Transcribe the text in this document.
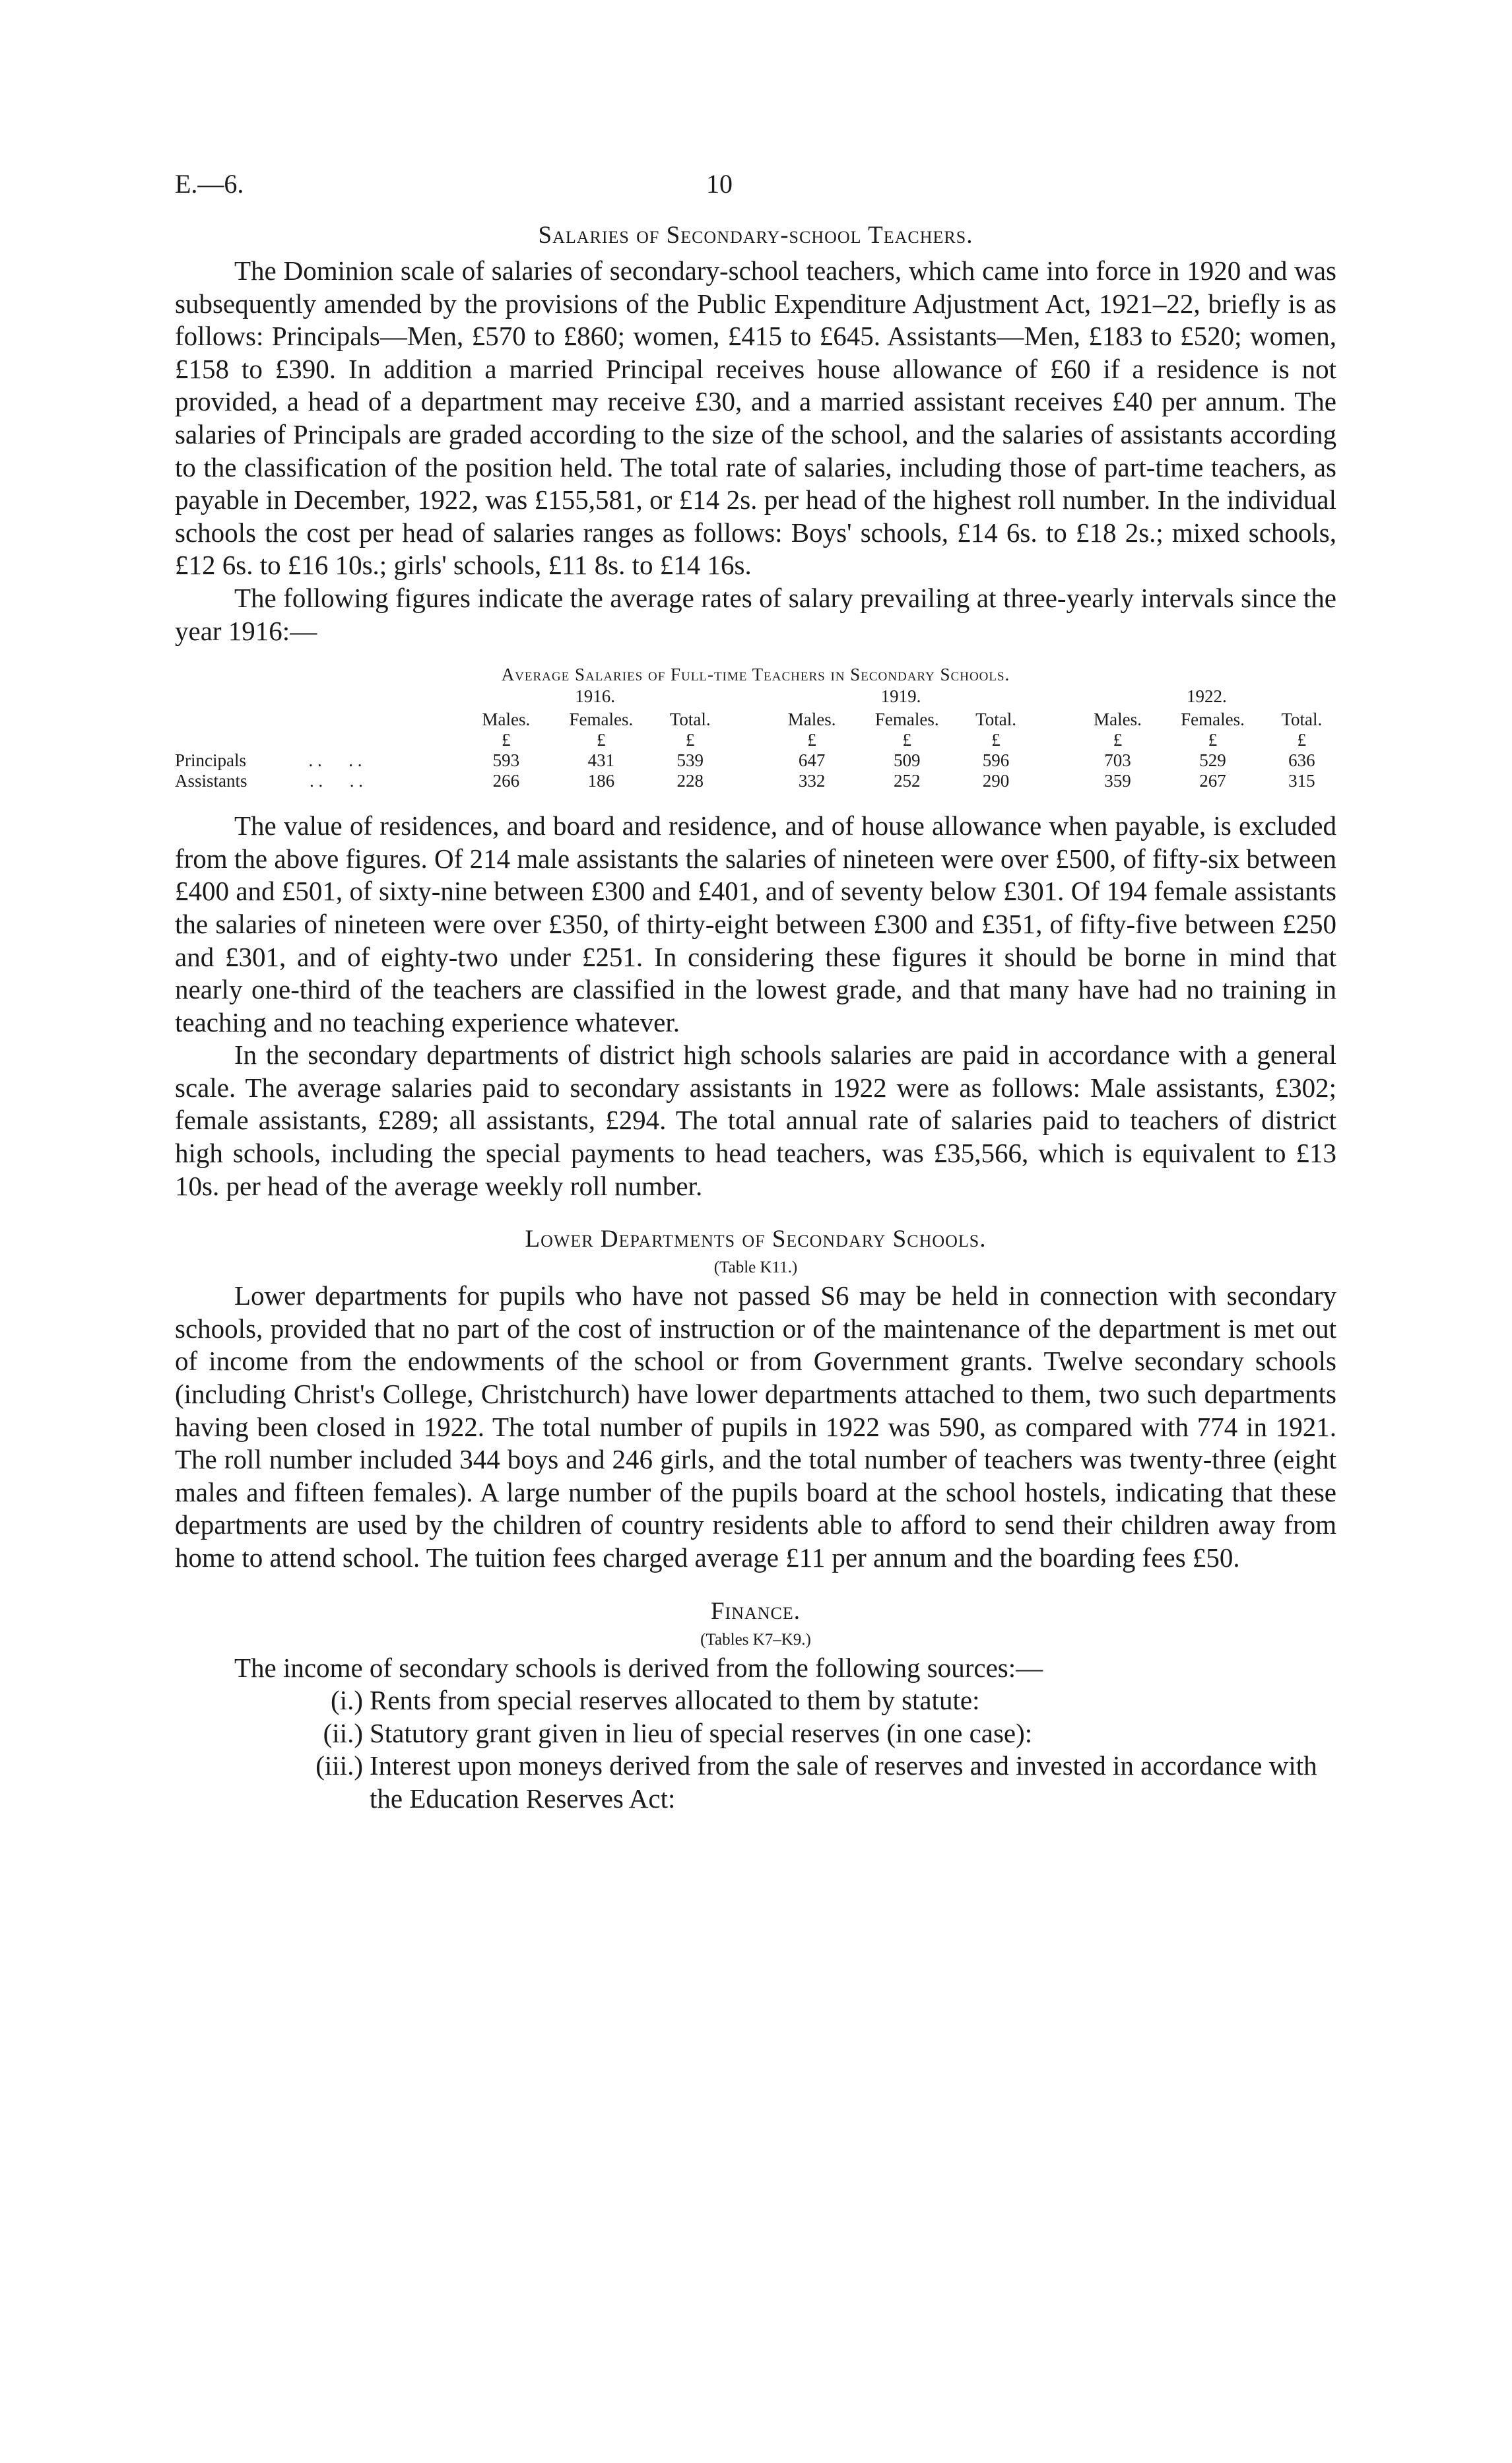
E.—6.	10
Salaries of Secondary-school Teachers.

The Dominion scale of salaries of secondary-school teachers, which came into force in 1920 and was subsequently amended by the provisions of the Public Expenditure Adjustment Act, 1921–22, briefly is as follows: Principals—Men, £570 to £860; women, £415 to £645. Assistants—Men, £183 to £520; women, £158 to £390. In addition a married Principal receives house allowance of £60 if a residence is not provided, a head of a department may receive £30, and a married assistant receives £40 per annum. The salaries of Principals are graded according to the size of the school, and the salaries of assistants according to the classification of the position held. The total rate of salaries, including those of part-time teachers, as payable in December, 1922, was £155,581, or £14 2s. per head of the highest roll number. In the individual schools the cost per head of salaries ranges as follows: Boys' schools, £14 6s. to £18 2s.; mixed schools, £12 6s. to £16 10s.; girls' schools, £11 8s. to £14 16s.

The following figures indicate the average rates of salary prevailing at three-yearly intervals since the year 1916:—

Average Salaries of Full-time Teachers in Secondary Schools.
	1916.				1919.				1922.		
	Males.	Females.	Total.		Males.	Females.	Total.		Males.	Females.	Total.
	£	£	£		£	£	£		£	£	£
Principals . .      . .	593	431	539		647	509	596		703	529	636
Assistants . .      . .	266	186	228		332	252	290		359	267	315

The value of residences, and board and residence, and of house allowance when payable, is excluded from the above figures. Of 214 male assistants the salaries of nineteen were over £500, of fifty-six between £400 and £501, of sixty-nine between £300 and £401, and of seventy below £301. Of 194 female assistants the salaries of nineteen were over £350, of thirty-eight between £300 and £351, of fifty-five between £250 and £301, and of eighty-two under £251. In considering these figures it should be borne in mind that nearly one-third of the teachers are classified in the lowest grade, and that many have had no training in teaching and no teaching experience whatever.

In the secondary departments of district high schools salaries are paid in accordance with a general scale. The average salaries paid to secondary assistants in 1922 were as follows: Male assistants, £302; female assistants, £289; all assistants, £294. The total annual rate of salaries paid to teachers of district high schools, including the special payments to head teachers, was £35,566, which is equivalent to £13 10s. per head of the average weekly roll number.

Lower Departments of Secondary Schools.
(Table K11.)

Lower departments for pupils who have not passed S6 may be held in connection with secondary schools, provided that no part of the cost of instruction or of the maintenance of the department is met out of income from the endowments of the school or from Government grants. Twelve secondary schools (including Christ's College, Christchurch) have lower departments attached to them, two such departments having been closed in 1922. The total number of pupils in 1922 was 590, as compared with 774 in 1921. The roll number included 344 boys and 246 girls, and the total number of teachers was twenty-three (eight males and fifteen females). A large number of the pupils board at the school hostels, indicating that these departments are used by the children of country residents able to afford to send their children away from home to attend school. The tuition fees charged average £11 per annum and the boarding fees £50.

Finance.
(Tables K7–K9.)

The income of secondary schools is derived from the following sources:—

(i.) Rents from special reserves allocated to them by statute:
(ii.) Statutory grant given in lieu of special reserves (in one case):
(iii.) Interest upon moneys derived from the sale of reserves and invested in accordance with the Education Reserves Act:
